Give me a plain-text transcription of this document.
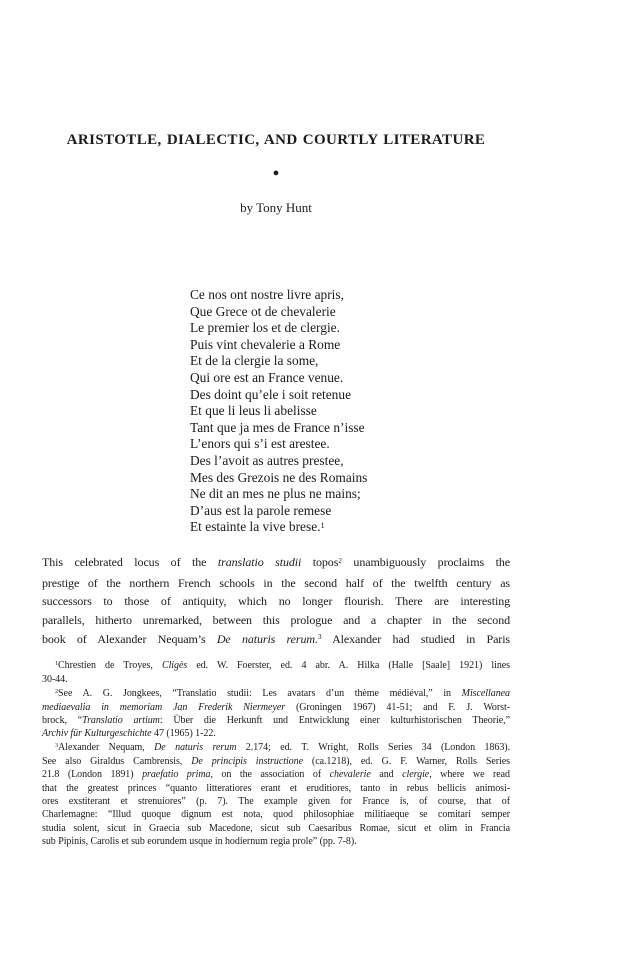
ARISTOTLE, DIALECTIC, AND COURTLY LITERATURE
●
by Tony Hunt
Ce nos ont nostre livre apris,
Que Grece ot de chevalerie
Le premier los et de clergie.
Puis vint chevalerie a Rome
Et de la clergie la some,
Qui ore est an France venue.
Des doint qu’ele i soit retenue
Et que li leus li abelisse
Tant que ja mes de France n’isse
L’enors qui s’i est arestee.
Des l’avoit as autres prestee,
Mes des Grezois ne des Romains
Ne dit an mes ne plus ne mains;
D’aus est la parole remese
Et estainte la vive brese.$^1$
This celebrated locus of the translatio studii topos$^2$ unambiguously proclaims the
prestige of the northern French schools in the second half of the twelfth century as
successors to those of antiquity, which no longer flourish. There are interesting
parallels, hitherto unremarked, between this prologue and a chapter in the second
book of Alexander Nequam’s De naturis rerum.$^3$ Alexander had studied in Paris
$^1$Chrestien de Troyes, Cligès ed. W. Foerster, ed. 4 abr. A. Hilka (Halle [Saale] 1921) lines
30-44.
$^2$See A. G. Jongkees, “Translatio studii: Les avatars d’un thème médiéval,” in Miscellanea
mediaevalia in memoriam Jan Frederik Niermeyer (Groningen 1967) 41-51; and F. J. Worst-
brock, “Translatio artium: Über die Herkunft und Entwicklung einer kulturhistorischen Theorie,”
Archiv für Kulturgeschichte 47 (1965) 1-22.
$^3$Alexander Nequam, De naturis rerum 2.174; ed. T. Wright, Rolls Series 34 (London 1863).
See also Giraldus Cambrensis, De principis instructione (ca.1218), ed. G. F. Warner, Rolls Series
21.8 (London 1891) praefatio prima, on the association of chevalerie and clergie, where we read
that the greatest princes “quanto litteratiores erant et eruditiores, tanto in rebus bellicis animosi-
ores exstiterant et strenuiores” (p. 7). The example given for France is, of course, that of
Charlemagne: “Illud quoque dignum est nota, quod philosophiae militiaeque se comitari semper
studia solent, sicut in Graecia sub Macedone, sicut sub Caesaribus Romae, sicut et olim in Francia
sub Pipinis, Carolis et sub eorundem usque in hodiernum regia prole” (pp. 7-8).
